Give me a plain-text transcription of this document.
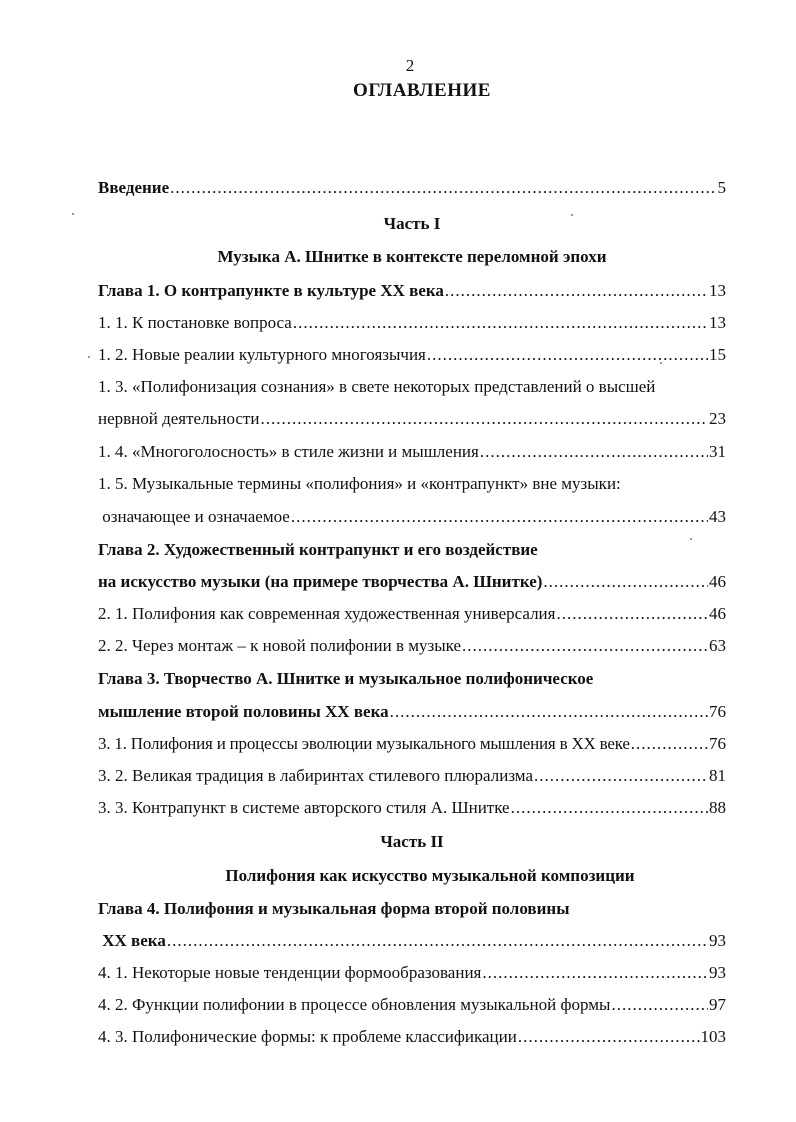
2
ОГЛАВЛЕНИЕ
Введение .....	5
Часть I
Музыка А. Шнитке в контексте переломной эпохи
Глава 1. О контрапункте в культуре XX века .....	13
1. 1. К постановке вопроса .....	13
1. 2. Новые реалии культурного многоязычия .....	15
1. 3. «Полифонизация сознания» в свете некоторых представлений о высшей
нервной деятельности .....	23
1. 4. «Многоголосность» в стиле жизни и мышления .....	31
1. 5. Музыкальные термины «полифония» и «контрапункт» вне музыки:
означающее и означаемое .....	43
Глава 2. Художественный контрапункт и его воздействие
на искусство музыки (на примере творчества А. Шнитке) .....	46
2. 1. Полифония как современная художественная универсалия .....	46
2. 2. Через монтаж – к новой полифонии в музыке .....	63
Глава 3. Творчество А. Шнитке и музыкальное полифоническое
мышление второй половины XX века .....	76
3. 1. Полифония и процессы эволюции музыкального мышления в XX веке .....	76
3. 2. Великая традиция в лабиринтах стилевого плюрализма .....	81
3. 3. Контрапункт в системе авторского стиля А. Шнитке .....	88
Часть II
Полифония как искусство музыкальной композиции
Глава 4. Полифония и музыкальная форма второй половины
XX века .....	93
4. 1. Некоторые новые тенденции формообразования .....	93
4. 2. Функции полифонии в процессе обновления музыкальной формы .....	97
4. 3. Полифонические формы: к проблеме классификации .....	103
